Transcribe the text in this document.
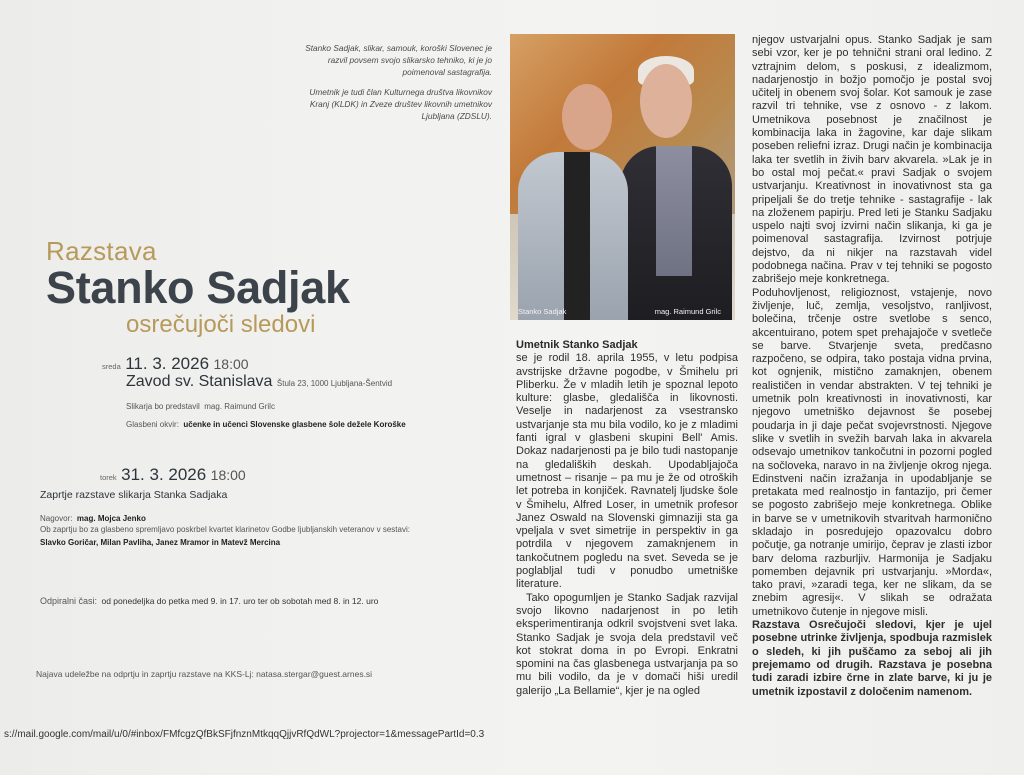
Stanko Sadjak, slikar, samouk, koroški Slovenec je razvil povsem svojo slikarsko tehniko, ki je jo poimenoval sastagrafija.

Umetnik je tudi član Kulturnega društva likovnikov Kranj (KLDK) in Zveze društev likovnih umetnikov Ljubljana (ZDSLU).

Razstava
Stanko Sadjak
osrečujoči sledovi
sreda 11. 3. 2026 18:00
Zavod sv. Stanislava Štula 23, 1000 Ljubljana-Šentvid
Slikarja bo predstavil mag. Raimund Grilc
Glasbeni okvir: učenke in učenci Slovenske glasbene šole dežele Koroške
torek 31. 3. 2026 18:00
Zaprtje razstave slikarja Stanka Sadjaka
Nagovor: mag. Mojca Jenko
Ob zaprtju bo za glasbeno spremljavo poskrbel kvartet klarinetov Godbe ljubljanskih veteranov v sestavi:
Slavko Goričar, Milan Pavliha, Janez Mramor in Matevž Mercina
Odpiralni časi: od ponedeljka do petka med 9. in 17. uro ter ob sobotah med 8. in 12. uro
Najava udeležbe na odprtju in zaprtju razstave na KKS-Lj: natasa.stergar@guest.arnes.si
Stanko Sadjak	mag. Raimund Grilc

Umetnik Stanko Sadjak

se je rodil 18. aprila 1955, v letu podpisa avstrijske državne pogodbe, v Šmihelu pri Pliberku. Že v mladih letih je spoznal lepoto kulture: glasbe, gledališča in likovnosti. Veselje in nadarjenost za vsestransko ustvarjanje sta mu bila vodilo, ko je z mladimi fanti igral v glasbeni skupini Bell' Amis. Dokaz nadarjenosti pa je bilo tudi nastopanje na gledaliških deskah. Upodabljajoča umetnost – risanje – pa mu je že od otroških let potreba in konjiček. Ravnatelj ljudske šole v Šmihelu, Alfred Loser, in umetnik profesor Janez Oswald na Slovenski gimnaziji sta ga vpeljala v svet simetrije in perspektiv in ga potrdila v njegovem zamaknjenem in tankočutnem pogledu na svet. Seveda se je poglabljal tudi v ponudbo umetniške literature.

Tako opogumljen je Stanko Sadjak razvijal svojo likovno nadarjenost in po letih eksperimentiranja odkril svojstveni svet laka. Stanko Sadjak je svoja dela predstavil več kot stokrat doma in po Evropi. Enkratni spomini na čas glasbenega ustvarjanja pa so mu bili vodilo, da je v domači hiši uredil galerijo „La Bellamie“, kjer je na ogled

njegov ustvarjalni opus. Stanko Sadjak je sam sebi vzor, ker je po tehnični strani oral ledino. Z vztrajnim delom, s poskusi, z idealizmom, nadarjenostjo in božjo pomočjo je postal svoj učitelj in obenem svoj šolar. Kot samouk je zase razvil tri tehnike, vse z osnovo - z lakom. Umetnikova posebnost je značilnost je kombinacija laka in žagovine, kar daje slikam poseben reliefni izraz. Drugi način je kombinacija laka ter svetlih in živih barv akvarela. »Lak je in bo ostal moj pečat.« pravi Sadjak o svojem ustvarjanju. Kreativnost in inovativnost sta ga pripeljali še do tretje tehnike - sastagrafije - lak na zloženem papirju. Pred leti je Stanku Sadjaku uspelo najti svoj izvirni način slikanja, ki ga je poimenoval sastagrafija. Izvirnost potrjuje dejstvo, da ni nikjer na razstavah videl podobnega načina. Prav v tej tehniki se pogosto zabrišejo meje konkretnega.

Poduhovljenost, religioznost, vstajenje, novo življenje, luč, zemlja, vesoljstvo, ranljivost, bolečina, trčenje ostre svetlobe s senco, akcentuirano, potem spet prehajajoče v svetleče se barve. Stvarjenje sveta, predčasno razpočeno, se odpira, tako postaja vidna prvina, kot ognjenik, mistično zamaknjen, obenem realističen in vendar abstrakten. V tej tehniki je umetnik poln kreativnosti in inovativnosti, kar njegovo umetniško dejavnost še posebej poudarja in ji daje pečat svojevrstnosti. Njegove slike v svetlih in svežih barvah laka in akvarela odsevajo umetnikov tankočutni in pozorni pogled na sočloveka, naravo in na življenje okrog njega. Edinstveni način izražanja in upodabljanje se pretakata med realnostjo in fantazijo, pri čemer se pogosto zabrišejo meje konkretnega. Oblike in barve se v umetnikovih stvaritvah harmonično skladajo in posredujejo opazovalcu dobro počutje, ga notranje umirijo, čeprav je zlasti izbor barv deloma razburljiv. Harmonija je Sadjaku pomemben dejavnik pri ustvarjanju. »Morda«, tako pravi, »zaradi tega, ker ne slikam, da se znebim agresij«. V slikah se odražata umetnikovo čutenje in njegove misli.

Razstava Osrečujoči sledovi, kjer je ujel posebne utrinke življenja, spodbuja razmislek o sledeh, ki jih puščamo za seboj ali jih prejemamo od drugih. Razstava je posebna tudi zaradi izbire črne in zlate barve, ki ju je umetnik izpostavil z določenim namenom.

s://mail.google.com/mail/u/0/#inbox/FMfcgzQfBkSFjfnznMtkqqQjjvRfQdWL?projector=1&messagePartId=0.3
